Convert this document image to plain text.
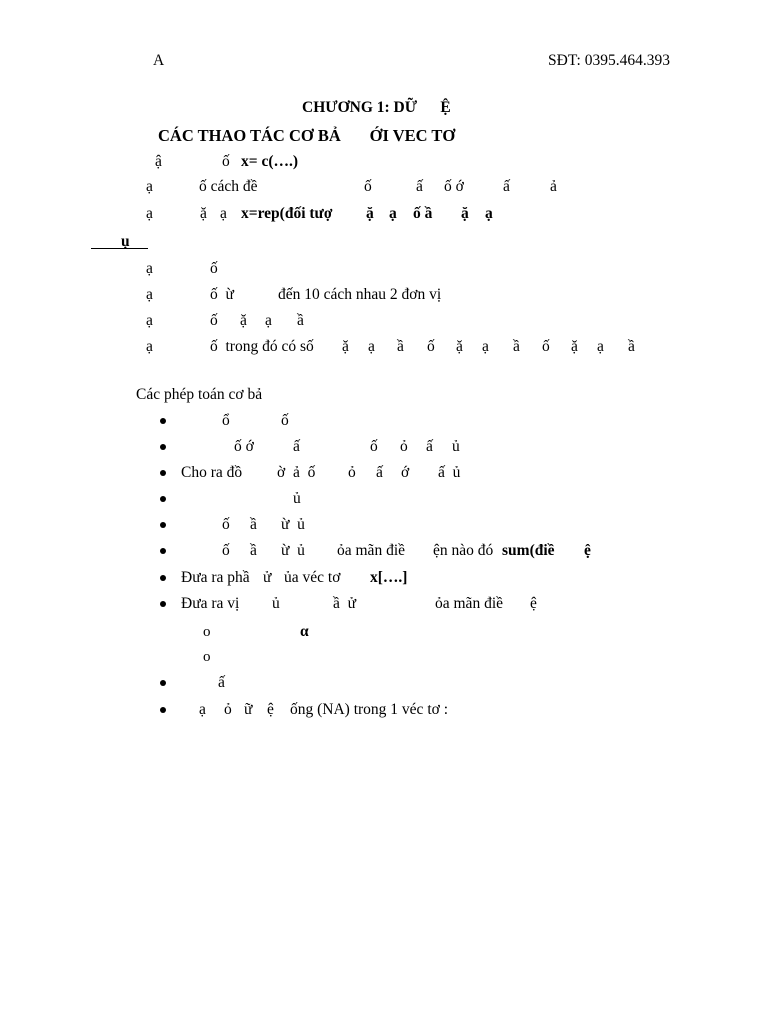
A	SĐT: 0395.464.393
CHƯƠNG 1: DỮ      Ệ
CÁC THAO TÁC CƠ BẢ       ỚI VEC TƠ
ậ	ố x= c(….)
ạ	ố cách đề	ố	ấ ố ớ	ấ	ả
ạ	ặ ạ x=rep(đối tượ ặ ạ ố ầ ặ ạ
ụ
ạ	ố
ạ	ố  ừ	đến 10 cách nhau 2 đơn vị
ạ	ố ặ ạ ầ
ạ	ố  trong đó có số ặ ạ ầ ố ặ ạ ầ ố ặ ạ ầ
Các phép toán cơ bả
ổ	ố
ố ớ	ấ	ố ỏ ấ ủ
Cho ra đồ ờ  ả  ố ỏ ấ ớ ấ  ủ
ủ
ố ầ ừ  ủ
ố ầ ừ  ủ ỏa mãn điề ện nào đó sum(điề ệ
Đưa ra phầ ử ủa véc tơ x[….]
Đưa ra vị ủ	ầ  ử	ỏa mãn điề ệ
o	α
o
ấ
ạ ỏ ữ ệ ống (NA) trong 1 véc tơ :
